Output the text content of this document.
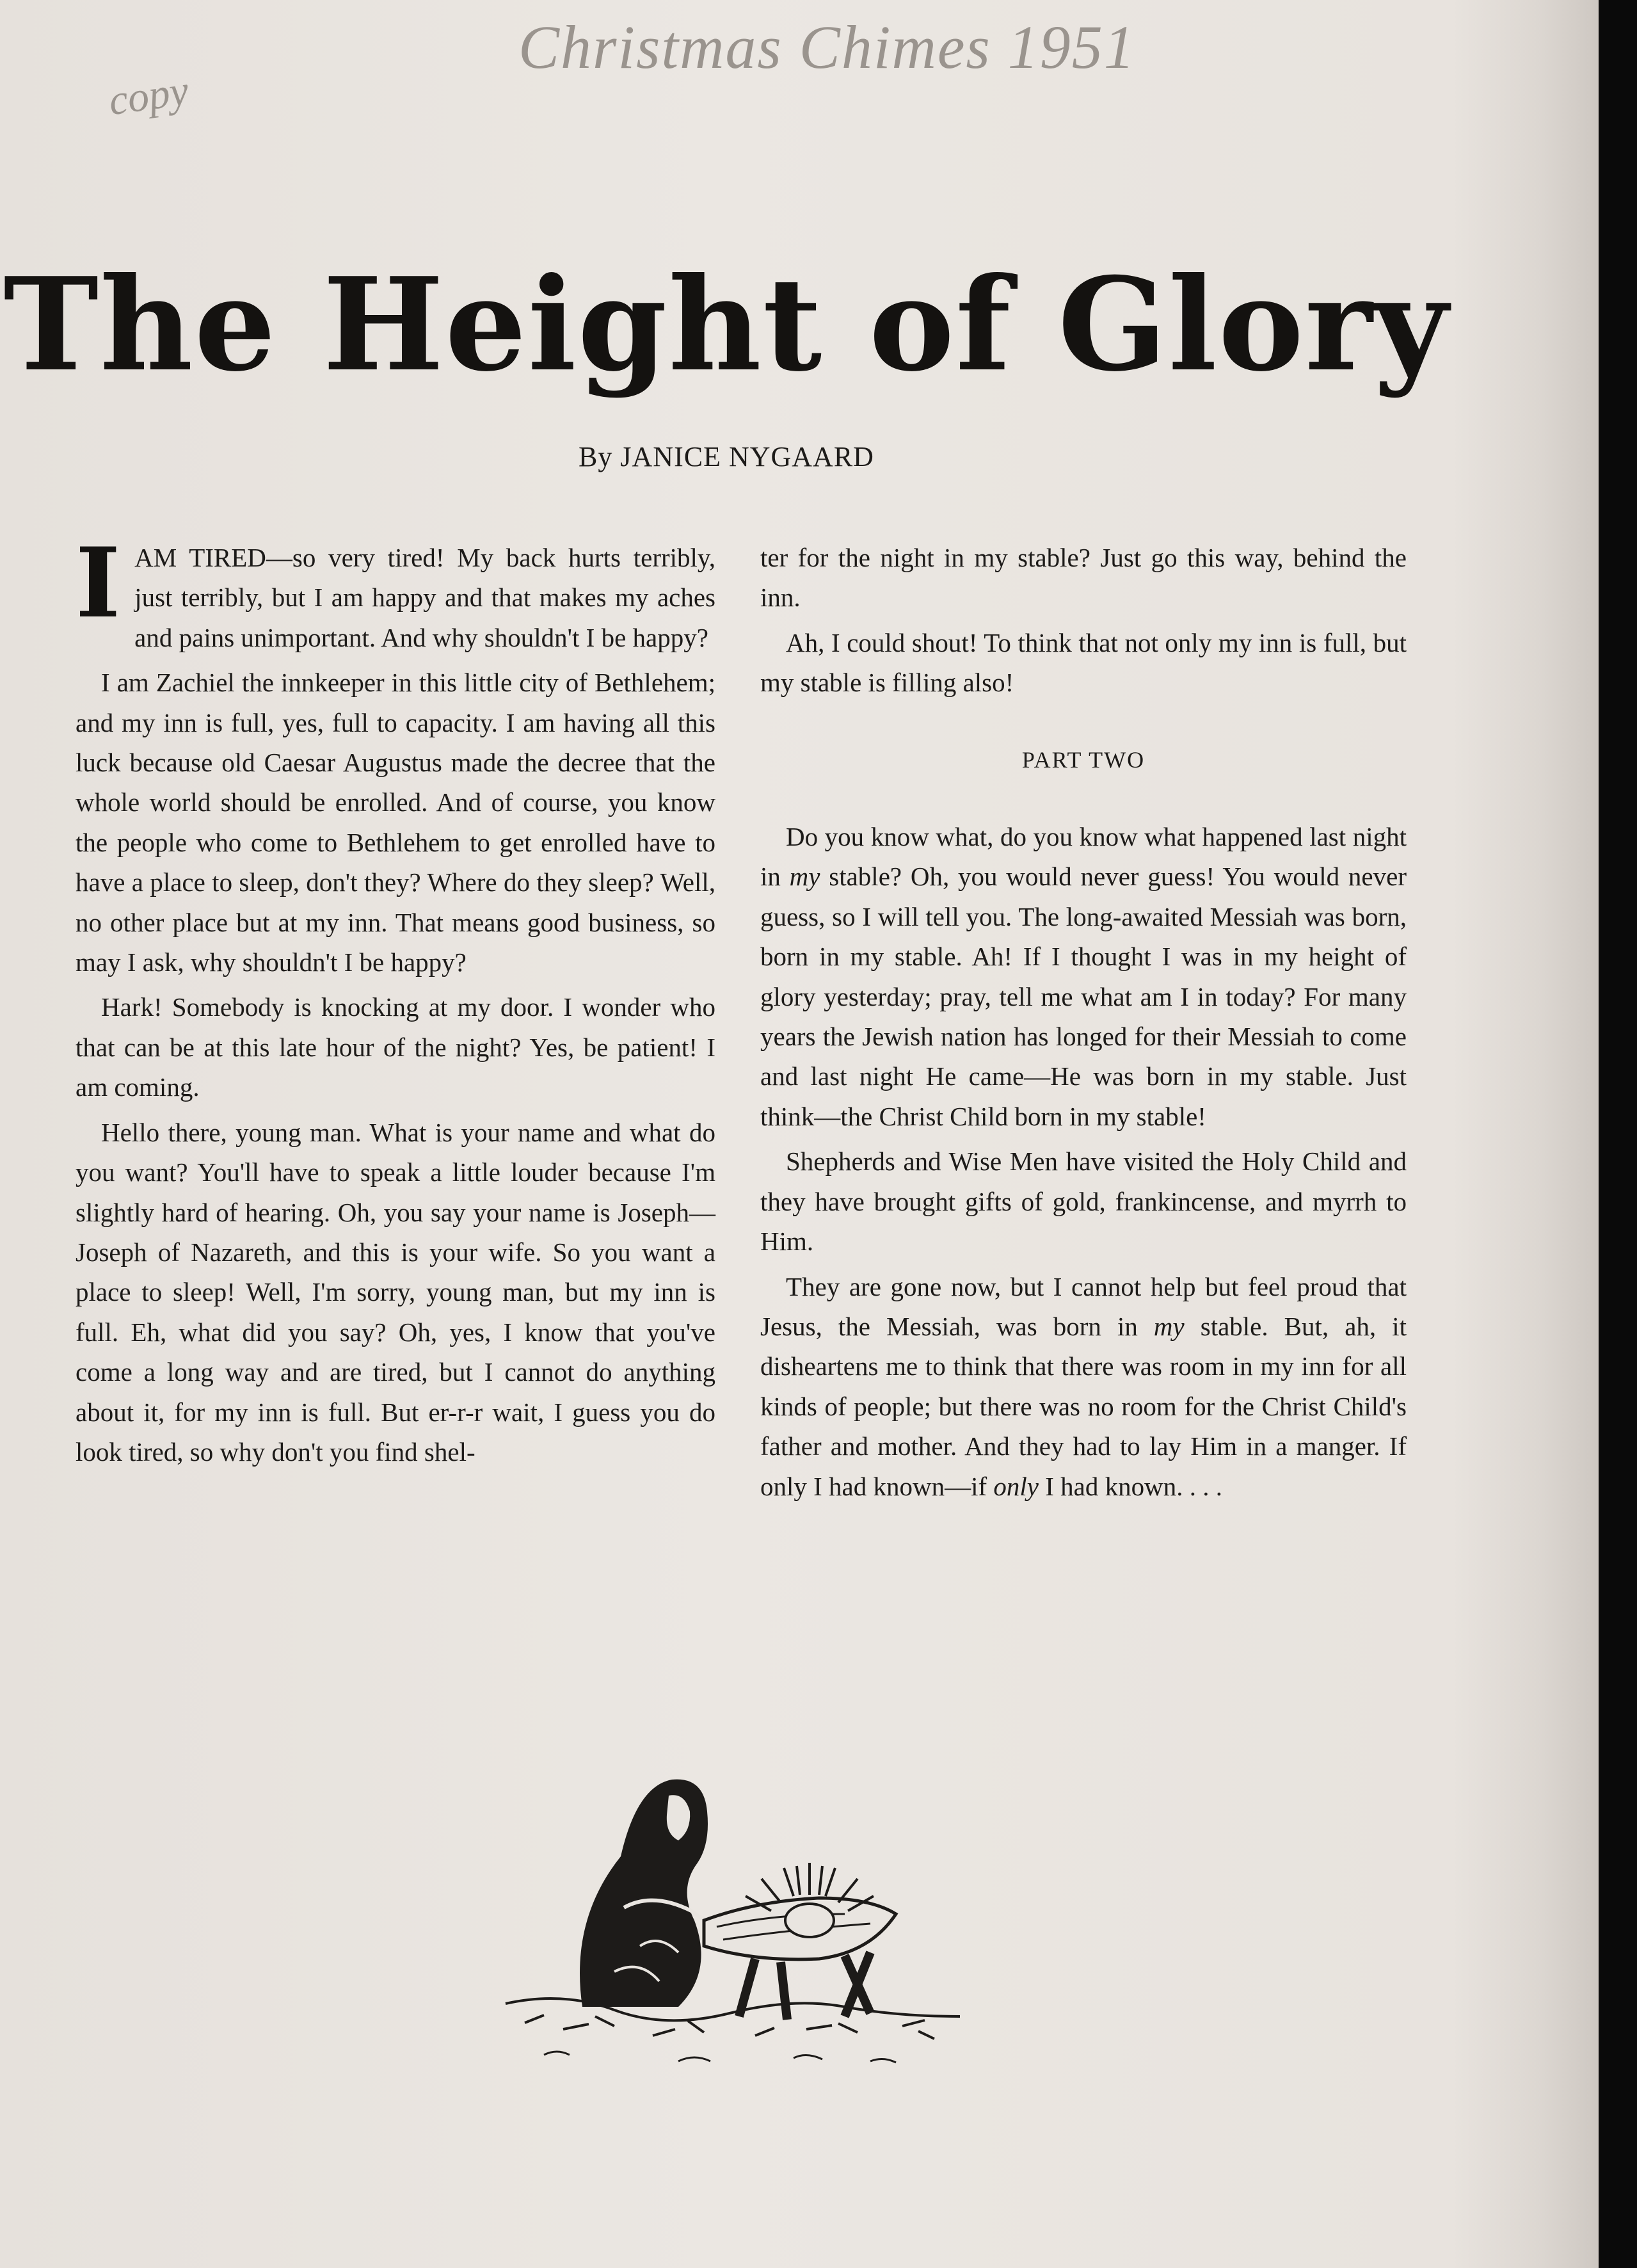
Christmas Chimes 1951
copy
The Height of Glory
By JANICE NYGAARD

IAM TIRED—so very tired! My back hurts terribly, just terribly, but I am happy and that makes my aches and pains unimportant. And why shouldn't I be happy?

I am Zachiel the innkeeper in this little city of Bethlehem; and my inn is full, yes, full to capacity. I am having all this luck because old Caesar Augustus made the decree that the whole world should be enrolled. And of course, you know the people who come to Bethlehem to get enrolled have to have a place to sleep, don't they? Where do they sleep? Well, no other place but at my inn. That means good business, so may I ask, why shouldn't I be happy?

Hark! Somebody is knocking at my door. I wonder who that can be at this late hour of the night? Yes, be patient! I am coming.

Hello there, young man. What is your name and what do you want? You'll have to speak a little louder because I'm slightly hard of hearing. Oh, you say your name is Joseph—Joseph of Nazareth, and this is your wife. So you want a place to sleep! Well, I'm sorry, young man, but my inn is full. Eh, what did you say? Oh, yes, I know that you've come a long way and are tired, but I cannot do anything about it, for my inn is full. But er-r-r wait, I guess you do look tired, so why don't you find shel-

ter for the night in my stable? Just go this way, behind the inn.

Ah, I could shout! To think that not only my inn is full, but my stable is filling also!

PART TWO

Do you know what, do you know what happened last night in my stable? Oh, you would never guess! You would never guess, so I will tell you. The long-awaited Messiah was born, born in my stable. Ah! If I thought I was in my height of glory yesterday; pray, tell me what am I in today? For many years the Jewish nation has longed for their Messiah to come and last night He came—He was born in my stable. Just think—the Christ Child born in my stable!

Shepherds and Wise Men have visited the Holy Child and they have brought gifts of gold, frankincense, and myrrh to Him.

They are gone now, but I cannot help but feel proud that Jesus, the Messiah, was born in my stable. But, ah, it disheartens me to think that there was room in my inn for all kinds of people; but there was no room for the Christ Child's father and mother. And they had to lay Him in a manger. If only I had known—if only I had known. . . .
